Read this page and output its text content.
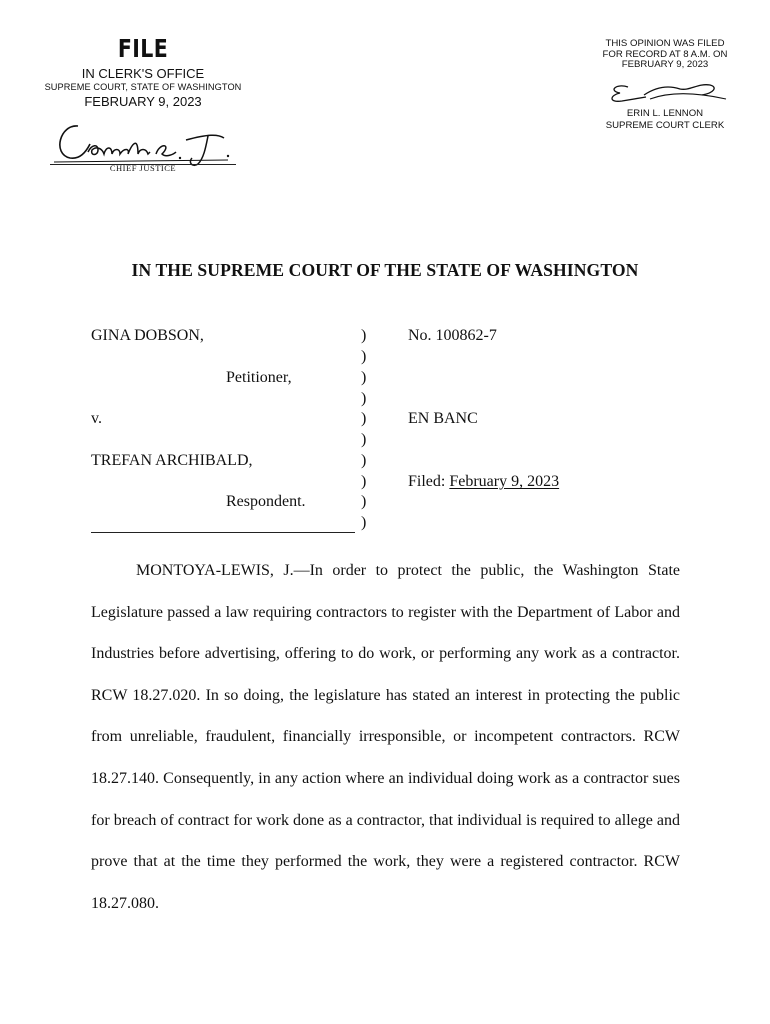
FILE
IN CLERK'S OFFICE
SUPREME COURT, STATE OF WASHINGTON
FEBRUARY 9, 2023
CHIEF JUSTICE
THIS OPINION WAS FILED
FOR RECORD AT 8 A.M. ON
FEBRUARY 9, 2023
ERIN L. LENNON
SUPREME COURT CLERK
IN THE SUPREME COURT OF THE STATE OF WASHINGTON
GINA DOBSON,
Petitioner,
v.
TREFAN ARCHIBALD,
Respondent.
)
)
)
)
)
)
)
)
)
)
No. 100862-7
EN BANC
Filed: February 9, 2023

MONTOYA-LEWIS, J.—In order to protect the public, the Washington State Legislature passed a law requiring contractors to register with the Department of Labor and Industries before advertising, offering to do work, or performing any work as a contractor. RCW 18.27.020. In so doing, the legislature has stated an interest in protecting the public from unreliable, fraudulent, financially irresponsible, or incompetent contractors. RCW 18.27.140. Consequently, in any action where an individual doing work as a contractor sues for breach of contract for work done as a contractor, that individual is required to allege and prove that at the time they performed the work, they were a registered contractor. RCW 18.27.080.
